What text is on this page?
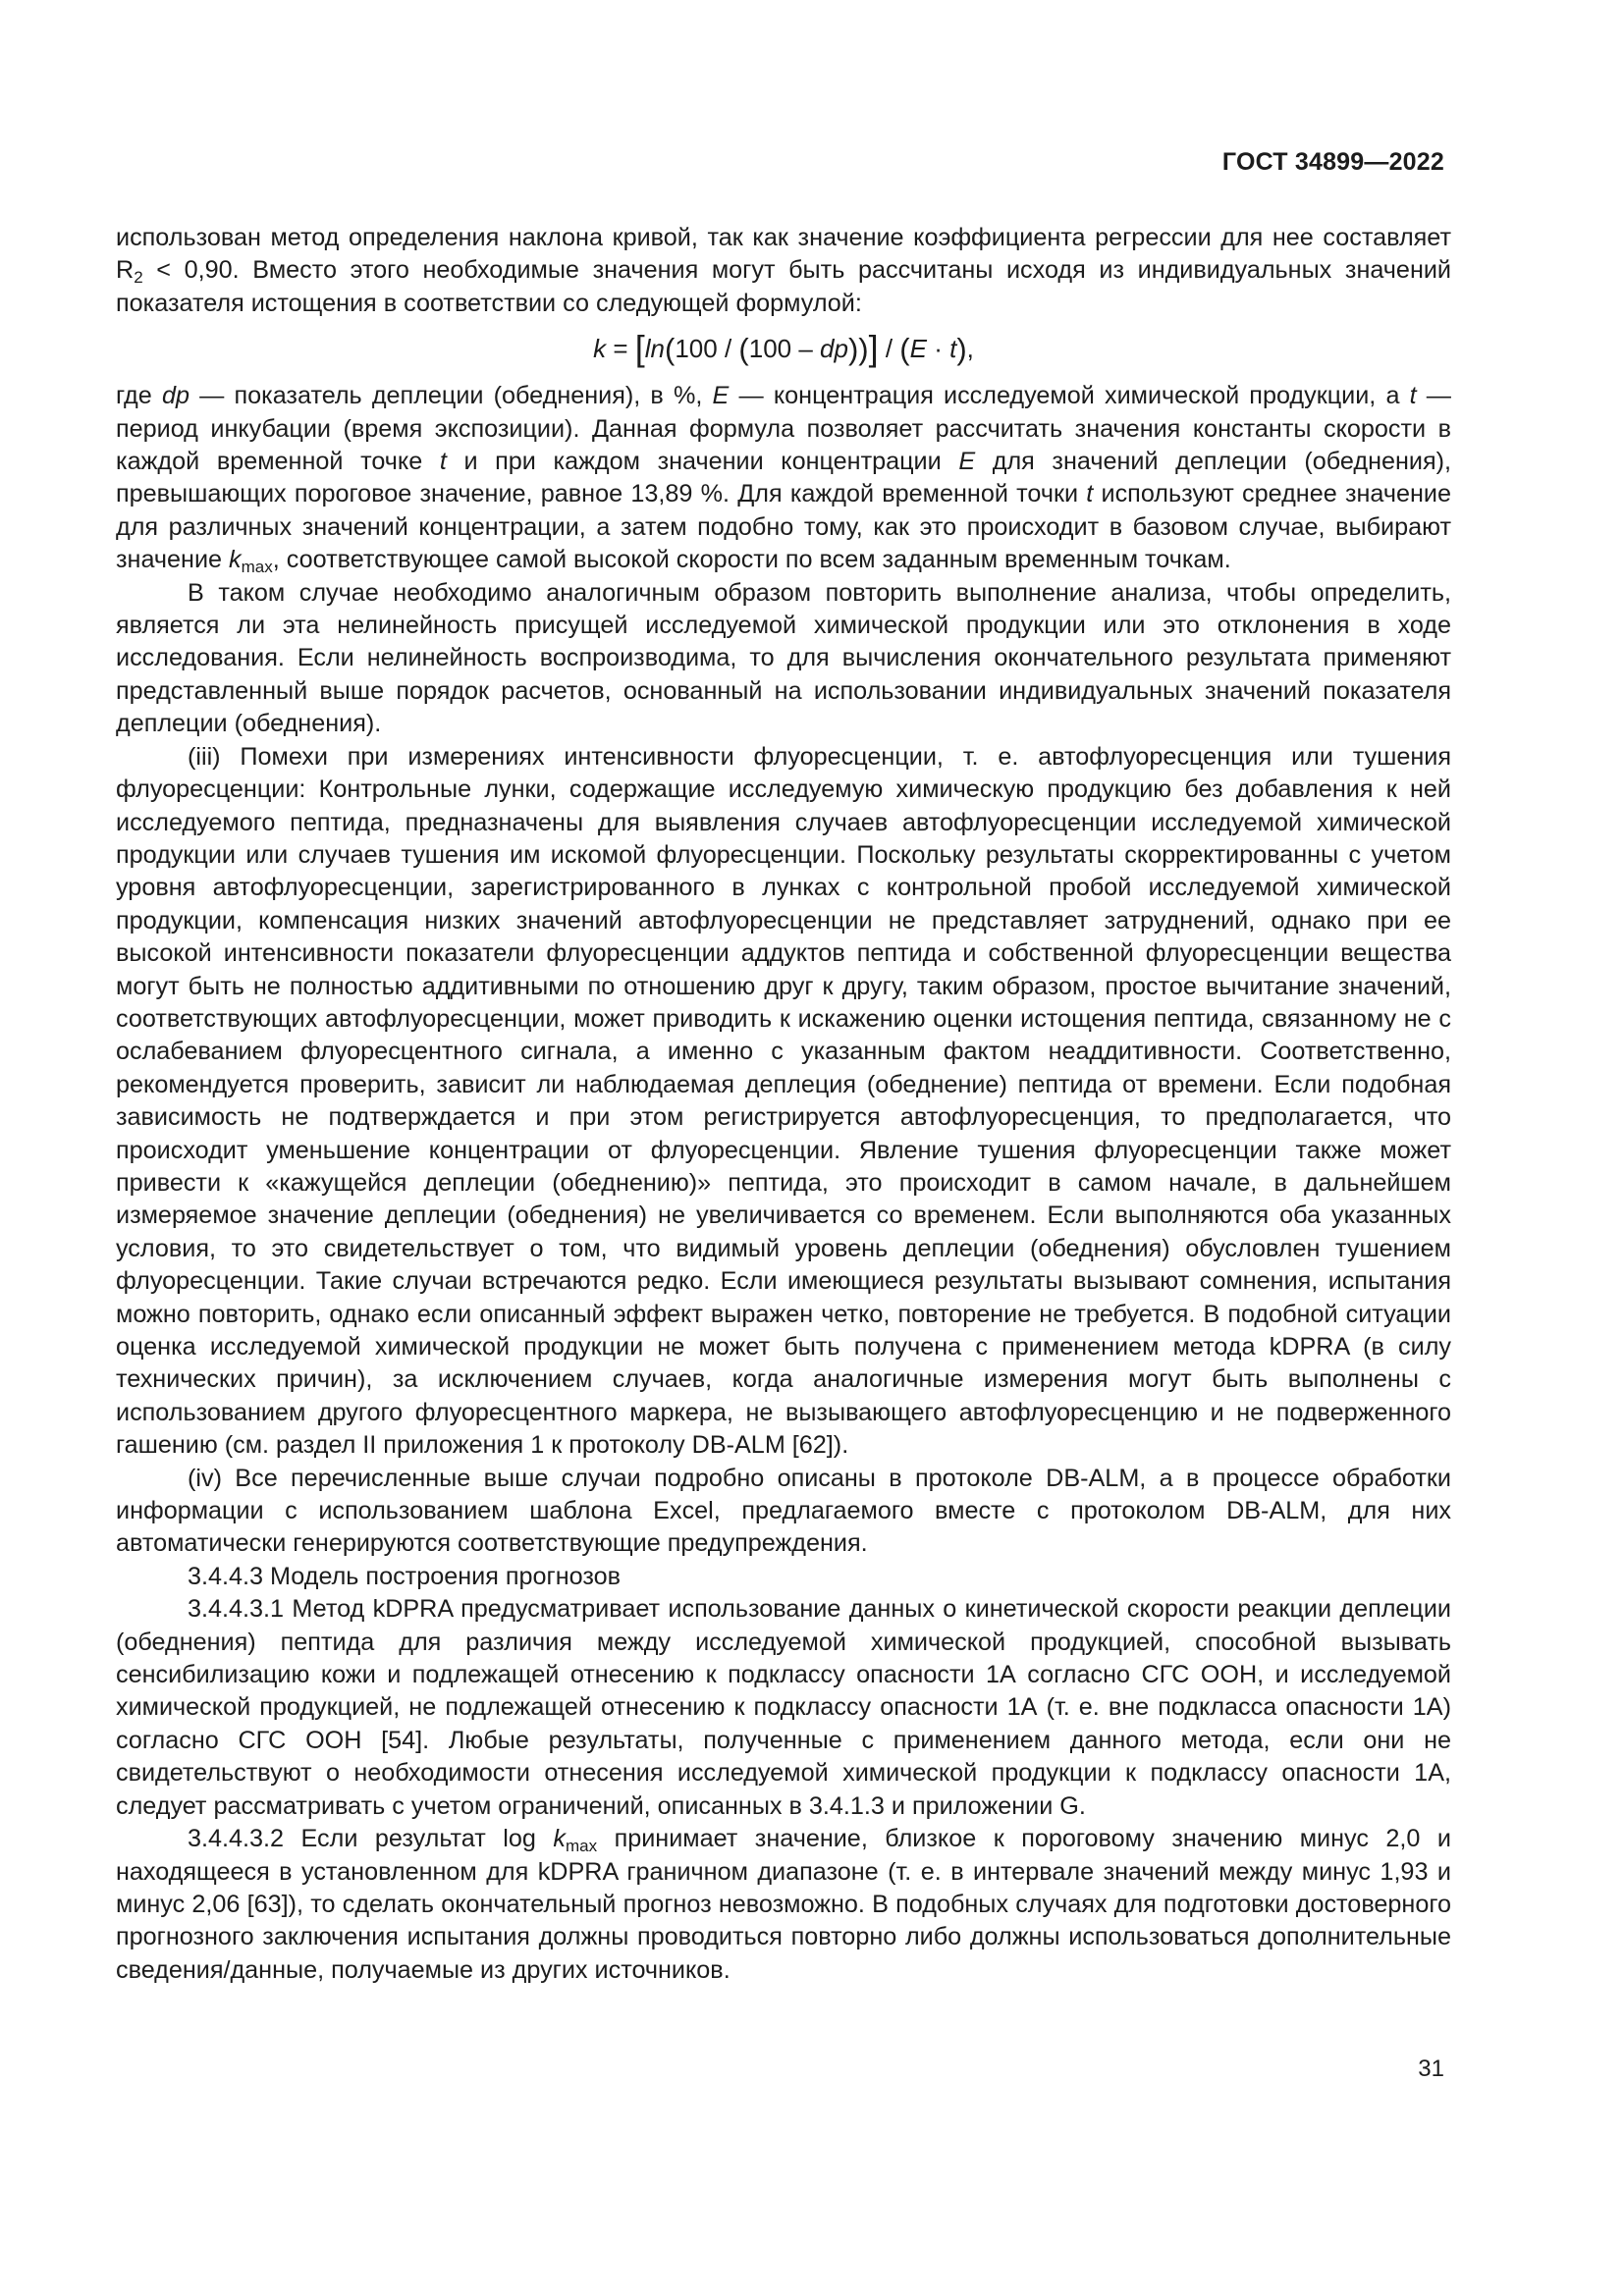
ГОСТ 34899—2022

использован метод определения наклона кривой, так как значение коэффициента регрессии для нее составляет $R_2 < 0,90$. Вместо этого необходимые значения могут быть рассчитаны исходя из индивидуальных значений показателя истощения в соответствии со следующей формулой:

k = [ln(100 / (100 – dp))] / (E · t),

где dp — показатель деплеции (обеднения), в %, E — концентрация исследуемой химической продукции, а t — период инкубации (время экспозиции). Данная формула позволяет рассчитать значения константы скорости в каждой временной точке t и при каждом значении концентрации E для значений деплеции (обеднения), превышающих пороговое значение, равное 13,89 %. Для каждой временной точки t используют среднее значение для различных значений концентрации, а затем подобно тому, как это происходит в базовом случае, выбирают значение $k_{max}$, соответствующее самой высокой скорости по всем заданным временным точкам.

В таком случае необходимо аналогичным образом повторить выполнение анализа, чтобы определить, является ли эта нелинейность присущей исследуемой химической продукции или это отклонения в ходе исследования. Если нелинейность воспроизводима, то для вычисления окончательного результата применяют представленный выше порядок расчетов, основанный на использовании индивидуальных значений показателя деплеции (обеднения).

(iii) Помехи при измерениях интенсивности флуоресценции, т. е. автофлуоресценция или тушения флуоресценции: Контрольные лунки, содержащие исследуемую химическую продукцию без добавления к ней исследуемого пептида, предназначены для выявления случаев автофлуоресценции исследуемой химической продукции или случаев тушения им искомой флуоресценции. Поскольку результаты скорректированны с учетом уровня автофлуоресценции, зарегистрированного в лунках с контрольной пробой исследуемой химической продукции, компенсация низких значений автофлуоресценции не представляет затруднений, однако при ее высокой интенсивности показатели флуоресценции аддуктов пептида и собственной флуоресценции вещества могут быть не полностью аддитивными по отношению друг к другу, таким образом, простое вычитание значений, соответствующих автофлуоресценции, может приводить к искажению оценки истощения пептида, связанному не с ослабеванием флуоресцентного сигнала, а именно с указанным фактом неаддитивности. Соответственно, рекомендуется проверить, зависит ли наблюдаемая деплеция (обеднение) пептида от времени. Если подобная зависимость не подтверждается и при этом регистрируется автофлуоресценция, то предполагается, что происходит уменьшение концентрации от флуоресценции. Явление тушения флуоресценции также может привести к «кажущейся деплеции (обеднению)» пептида, это происходит в самом начале, в дальнейшем измеряемое значение деплеции (обеднения) не увеличивается со временем. Если выполняются оба указанных условия, то это свидетельствует о том, что видимый уровень деплеции (обеднения) обусловлен тушением флуоресценции. Такие случаи встречаются редко. Если имеющиеся результаты вызывают сомнения, испытания можно повторить, однако если описанный эффект выражен четко, повторение не требуется. В подобной ситуации оценка исследуемой химической продукции не может быть получена с применением метода kDPRA (в силу технических причин), за исключением случаев, когда аналогичные измерения могут быть выполнены с использованием другого флуоресцентного маркера, не вызывающего автофлуоресценцию и не подверженного гашению (см. раздел II приложения 1 к протоколу DB-ALM [62]).

(iv) Все перечисленные выше случаи подробно описаны в протоколе DB-ALM, а в процессе обработки информации с использованием шаблона Excel, предлагаемого вместе с протоколом DB-ALM, для них автоматически генерируются соответствующие предупреждения.

3.4.4.3 Модель построения прогнозов

3.4.4.3.1 Метод kDPRA предусматривает использование данных о кинетической скорости реакции деплеции (обеднения) пептида для различия между исследуемой химической продукцией, способной вызывать сенсибилизацию кожи и подлежащей отнесению к подклассу опасности 1А согласно СГС ООН, и исследуемой химической продукцией, не подлежащей отнесению к подклассу опасности 1А (т. е. вне подкласса опасности 1А) согласно СГС ООН [54]. Любые результаты, полученные с применением данного метода, если они не свидетельствуют о необходимости отнесения исследуемой химической продукции к подклассу опасности 1А, следует рассматривать с учетом ограничений, описанных в 3.4.1.3 и приложении G.

3.4.4.3.2 Если результат $\log k_{max}$ принимает значение, близкое к пороговому значению минус 2,0 и находящееся в установленном для kDPRA граничном диапазоне (т. е. в интервале значений между минус 1,93 и минус 2,06 [63]), то сделать окончательный прогноз невозможно. В подобных случаях для подготовки достоверного прогнозного заключения испытания должны проводиться повторно либо должны использоваться дополнительные сведения/данные, получаемые из других источников.

31
